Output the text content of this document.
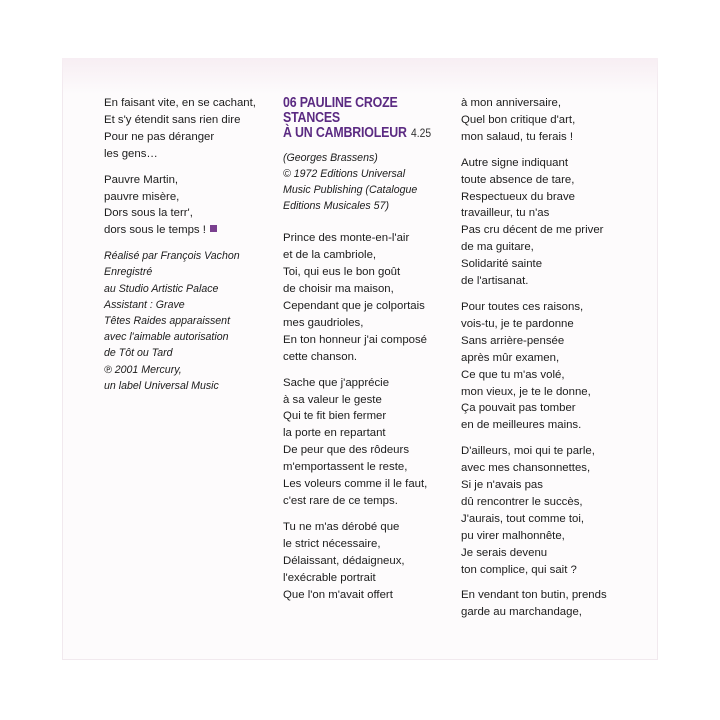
En faisant vite, en se cachant,

Et s'y étendit sans rien dire

Pour ne pas déranger

les gens…

Pauvre Martin,

pauvre misère,

Dors sous la terr',

dors sous le temps !

Réalisé par François Vachon

Enregistré

au Studio Artistic Palace

Assistant : Grave

Têtes Raides apparaissent

avec l'aimable autorisation

de Tôt ou Tard

℗ 2001 Mercury,

un label Universal Music

06 PAULINE CROZE
STANCES
À UN CAMBRIOLEUR 4.25

(Georges Brassens)

© 1972 Editions Universal

Music Publishing (Catalogue

Editions Musicales 57)

Prince des monte-en-l'air

et de la cambriole,

Toi, qui eus le bon goût

de choisir ma maison,

Cependant que je colportais

mes gaudrioles,

En ton honneur j'ai composé

cette chanson.

Sache que j'apprécie

à sa valeur le geste

Qui te fit bien fermer

la porte en repartant

De peur que des rôdeurs

m'emportassent le reste,

Les voleurs comme il le faut,

c'est rare de ce temps.

Tu ne m'as dérobé que

le strict nécessaire,

Délaissant, dédaigneux,

l'exécrable portrait

Que l'on m'avait offert

à mon anniversaire,

Quel bon critique d'art,

mon salaud, tu ferais !

Autre signe indiquant

toute absence de tare,

Respectueux du brave

travailleur, tu n'as

Pas cru décent de me priver

de ma guitare,

Solidarité sainte

de l'artisanat.

Pour toutes ces raisons,

vois-tu, je te pardonne

Sans arrière-pensée

après mûr examen,

Ce que tu m'as volé,

mon vieux, je te le donne,

Ça pouvait pas tomber

en de meilleures mains.

D'ailleurs, moi qui te parle,

avec mes chansonnettes,

Si je n'avais pas

dû rencontrer le succès,

J'aurais, tout comme toi,

pu virer malhonnête,

Je serais devenu

ton complice, qui sait ?

En vendant ton butin, prends

garde au marchandage,
